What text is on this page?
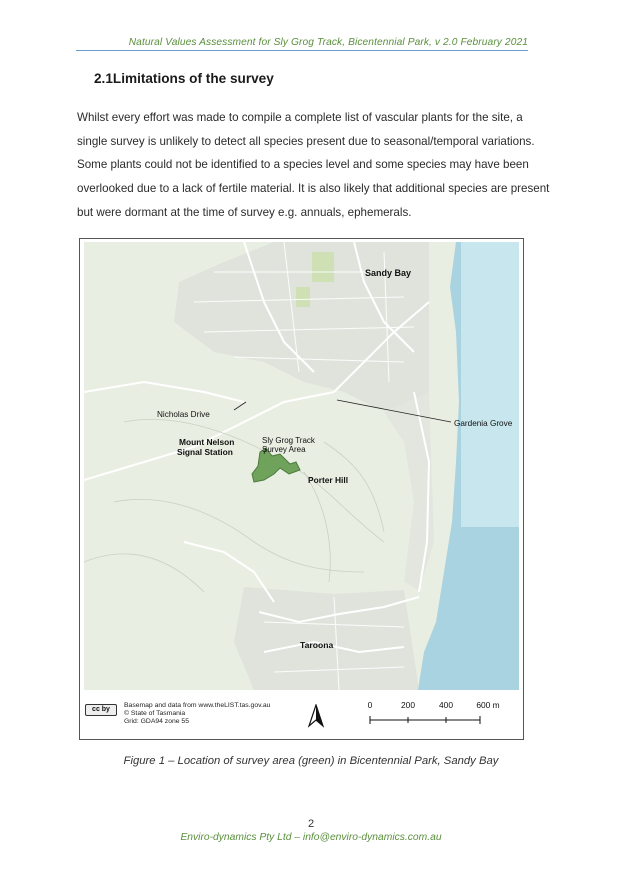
Natural Values Assessment for Sly Grog Track, Bicentennial Park, v 2.0 February 2021
2.1Limitations of the survey
Whilst every effort was made to compile a complete list of vascular plants for the site, a
single survey is unlikely to detect all species present due to seasonal/temporal variations.
Some plants could not be identified to a species level and some species may have been
overlooked due to a lack of fertile material. It is also likely that additional species are present
but were dormant at the time of survey e.g. annuals, ephemerals.
Sandy Bay
Nicholas Drive
Gardenia Grove
Mount Nelson
Signal Station
Sly Grog Track
Survey Area
Porter Hill
Taroona
cc by
Basemap and data from www.theLIST.tas.gov.au
© State of Tasmania
Grid: GDA94 zone 55
0	200	400	600 m
Figure 1 – Location of survey area (green) in Bicentennial Park, Sandy Bay
2
Enviro-dynamics Pty Ltd – info@enviro-dynamics.com.au
